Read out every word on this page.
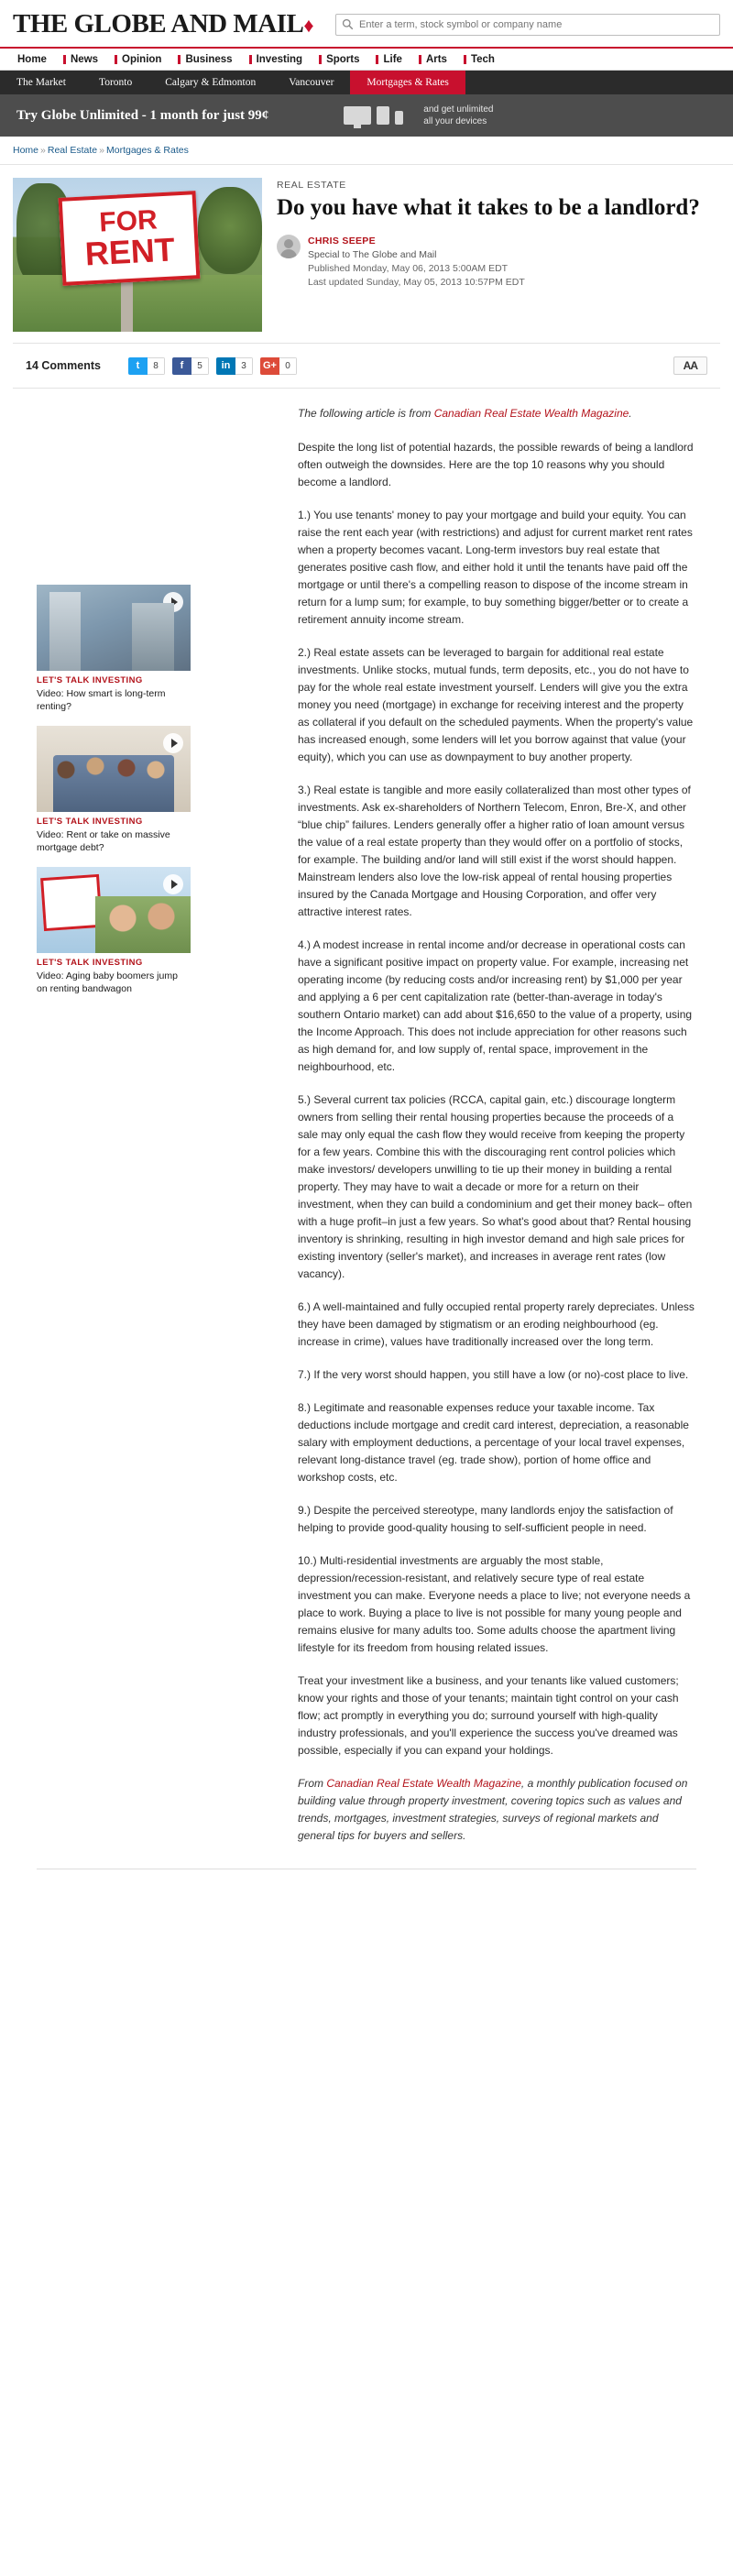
THE GLOBE AND MAIL♦
Enter a term, stock symbol or company name
Home News Opinion Business Investing Sports Life Arts Tech
The Market	Toronto	Calgary & Edmonton	Vancouver	Mortgages & Rates
Try Globe Unlimited - 1 month for just 99¢	and get unlimited
all your devices
Home » Real Estate » Mortgages & Rates
FOR
RENT
REAL ESTATE
Do you have what it takes to be a landlord?
CHRIS SEEPE
Special to The Globe and Mail
Published Monday, May 06, 2013 5:00AM EDT
Last updated Sunday, May 05, 2013 10:57PM EDT
14 Comments	t	8	f	5	in	3	G+ 0	AA
LET'S TALK INVESTING
Video: How smart is long-term renting?
LET'S TALK INVESTING
Video: Rent or take on massive mortgage debt?
LET'S TALK INVESTING
Video: Aging baby boomers jump on renting bandwagon
The following article is from Canadian Real Estate Wealth Magazine.

Despite the long list of potential hazards, the possible rewards of being a landlord often outweigh the downsides. Here are the top 10 reasons why you should become a landlord.

1.) You use tenants' money to pay your mortgage and build your equity. You can raise the rent each year (with restrictions) and adjust for current market rent rates when a property becomes vacant. Long-term investors buy real estate that generates positive cash flow, and either hold it until the tenants have paid off the mortgage or until there's a compelling reason to dispose of the income stream in return for a lump sum; for example, to buy something bigger/better or to create a retirement annuity income stream.

2.) Real estate assets can be leveraged to bargain for additional real estate investments. Unlike stocks, mutual funds, term deposits, etc., you do not have to pay for the whole real estate investment yourself. Lenders will give you the extra money you need (mortgage) in exchange for receiving interest and the property as collateral if you default on the scheduled payments. When the property's value has increased enough, some lenders will let you borrow against that value (your equity), which you can use as downpayment to buy another property.

3.) Real estate is tangible and more easily collateralized than most other types of investments. Ask ex-shareholders of Northern Telecom, Enron, Bre-X, and other “blue chip” failures. Lenders generally offer a higher ratio of loan amount versus the value of a real estate property than they would offer on a portfolio of stocks, for example. The building and/or land will still exist if the worst should happen. Mainstream lenders also love the low-risk appeal of rental housing properties insured by the Canada Mortgage and Housing Corporation, and offer very attractive interest rates.

4.) A modest increase in rental income and/or decrease in operational costs can have a significant positive impact on property value. For example, increasing net operating income (by reducing costs and/or increasing rent) by $1,000 per year and applying a 6 per cent capitalization rate (better-than-average in today's southern Ontario market) can add about $16,650 to the value of a property, using the Income Approach. This does not include appreciation for other reasons such as high demand for, and low supply of, rental space, improvement in the neighbourhood, etc.

5.) Several current tax policies (RCCA, capital gain, etc.) discourage longterm owners from selling their rental housing properties because the proceeds of a sale may only equal the cash flow they would receive from keeping the property for a few years. Combine this with the discouraging rent control policies which make investors/ developers unwilling to tie up their money in building a rental property. They may have to wait a decade or more for a return on their investment, when they can build a condominium and get their money back– often with a huge profit–in just a few years. So what's good about that? Rental housing inventory is shrinking, resulting in high investor demand and high sale prices for existing inventory (seller's market), and increases in average rent rates (low vacancy).

6.) A well-maintained and fully occupied rental property rarely depreciates. Unless they have been damaged by stigmatism or an eroding neighbourhood (eg. increase in crime), values have traditionally increased over the long term.

7.) If the very worst should happen, you still have a low (or no)-cost place to live.

8.) Legitimate and reasonable expenses reduce your taxable income. Tax deductions include mortgage and credit card interest, depreciation, a reasonable salary with employment deductions, a percentage of your local travel expenses, relevant long-distance travel (eg. trade show), portion of home office and workshop costs, etc.

9.) Despite the perceived stereotype, many landlords enjoy the satisfaction of helping to provide good-quality housing to self-sufficient people in need.

10.) Multi-residential investments are arguably the most stable, depression/recession-resistant, and relatively secure type of real estate investment you can make. Everyone needs a place to live; not everyone needs a place to work. Buying a place to live is not possible for many young people and remains elusive for many adults too. Some adults choose the apartment living lifestyle for its freedom from housing related issues.

Treat your investment like a business, and your tenants like valued customers; know your rights and those of your tenants; maintain tight control on your cash flow; act promptly in everything you do; surround yourself with high-quality industry professionals, and you'll experience the success you've dreamed was possible, especially if you can expand your holdings.

From Canadian Real Estate Wealth Magazine, a monthly publication focused on building value through property investment, covering topics such as values and trends, mortgages, investment strategies, surveys of regional markets and general tips for buyers and sellers.
